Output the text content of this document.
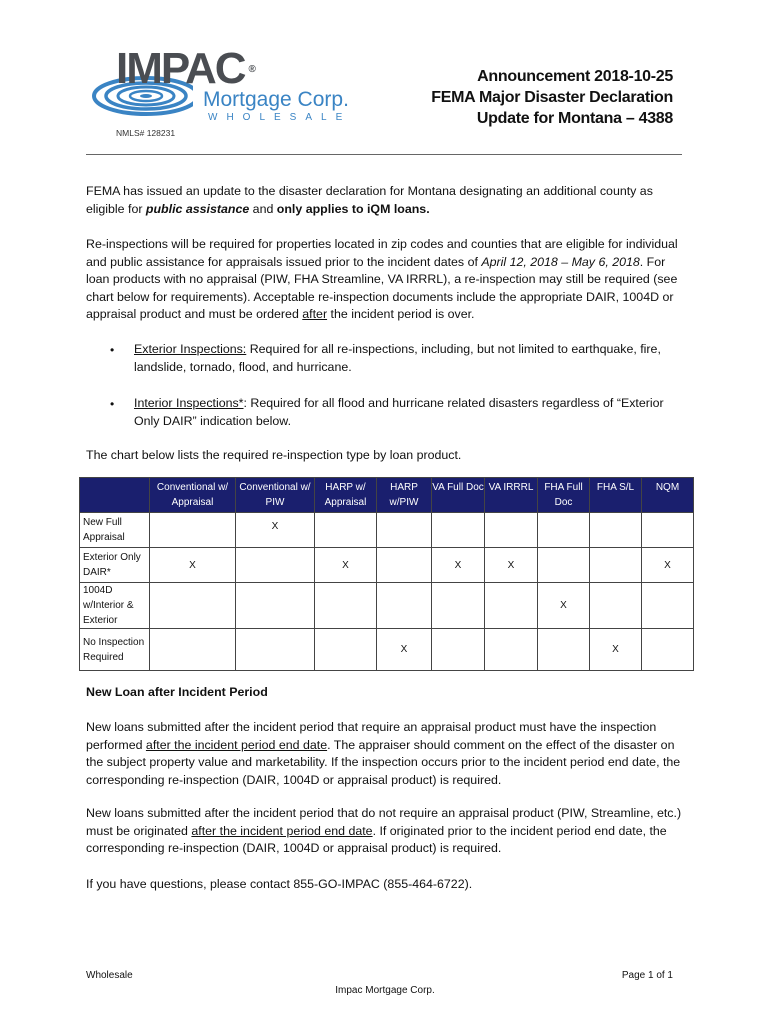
IMPAC ®
Mortgage Corp.
WHOLESALE
NMLS# 128231
Announcement 2018-10-25
FEMA Major Disaster Declaration
Update for Montana – 4388
FEMA has issued an update to the disaster declaration for Montana designating an additional county as eligible for public assistance and only applies to iQM loans.
Re-inspections will be required for properties located in zip codes and counties that are eligible for individual and public assistance for appraisals issued prior to the incident dates of April 12, 2018 – May 6, 2018. For loan products with no appraisal (PIW, FHA Streamline, VA IRRRL), a re-inspection may still be required (see chart below for requirements). Acceptable re-inspection documents include the appropriate DAIR, 1004D or appraisal product and must be ordered after the incident period is over.
• Exterior Inspections: Required for all re-inspections, including, but not limited to earthquake, fire, landslide, tornado, flood, and hurricane.
• Interior Inspections*: Required for all flood and hurricane related disasters regardless of “Exterior Only DAIR” indication below.
The chart below lists the required re-inspection type by loan product.
	Conventional w/ Appraisal	Conventional w/ PIW	HARP w/ Appraisal	HARP w/PIW	VA Full Doc	VA IRRRL	FHA Full Doc	FHA S/L	NQM
New Full Appraisal		X							
Exterior Only DAIR*	X		X		X	X			X
1004D w/Interior & Exterior							X		
No Inspection Required				X				X	
New Loan after Incident Period
New loans submitted after the incident period that require an appraisal product must have the inspection performed after the incident period end date. The appraiser should comment on the effect of the disaster on the subject property value and marketability. If the inspection occurs prior to the incident period end date, the corresponding re-inspection (DAIR, 1004D or appraisal product) is required.
New loans submitted after the incident period that do not require an appraisal product (PIW, Streamline, etc.) must be originated after the incident period end date. If originated prior to the incident period end date, the corresponding re-inspection (DAIR, 1004D or appraisal product) is required.
If you have questions, please contact 855-GO-IMPAC (855-464-6722).
Wholesale	Page 1 of 1
Impac Mortgage Corp.
